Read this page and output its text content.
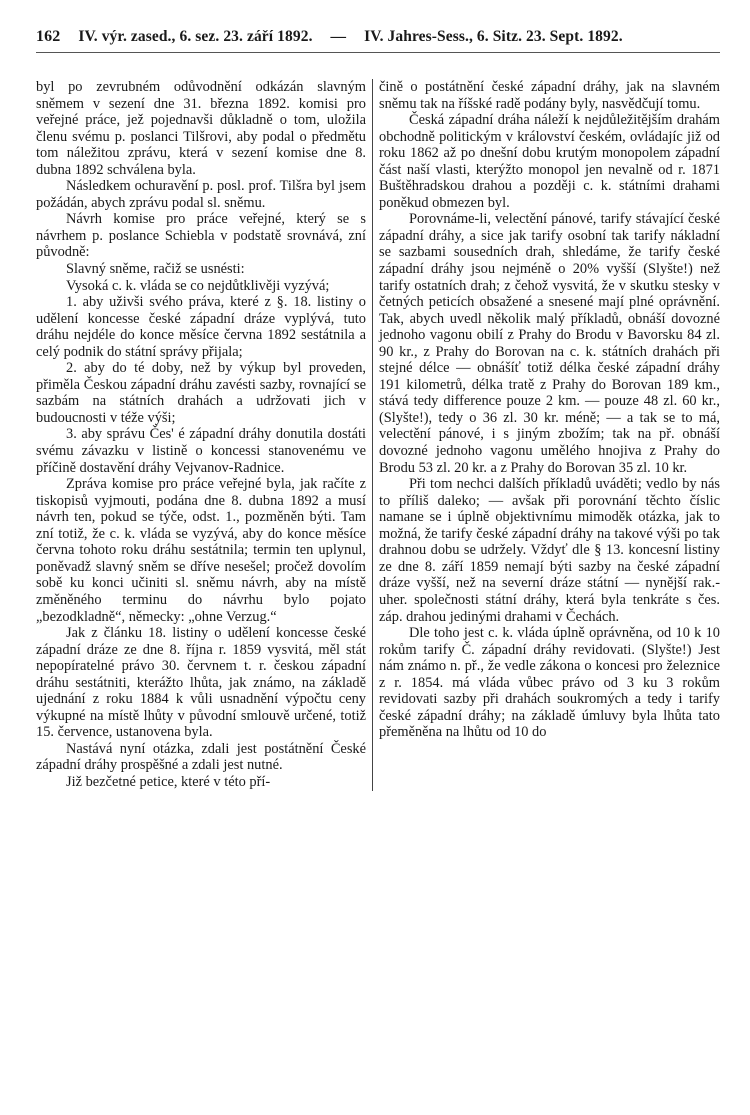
162 IV. výr. zased., 6. sez. 23. září 1892. — IV. Jahres-Sess., 6. Sitz. 23. Sept. 1892.

byl po zevrubném odůvodnění odkázán slavným sněmem v sezení dne 31. března 1892. komisi pro veřejné práce, jež pojednavši důkladně o tom, uložila členu svému p. poslanci Tilšrovi, aby podal o předmětu tom náležitou zprávu, která v sezení komise dne 8. dubna 1892 schválena byla.

Následkem ochuravění p. posl. prof. Tilšra byl jsem požádán, abych zprávu podal sl. sněmu.

Návrh komise pro práce veřejné, který se s návrhem p. poslance Schiebla v podstatě srovnává, zní původně:

Slavný sněme, račiž se usnésti:

Vysoká c. k. vláda se co nejdůtklivěji vyzývá;

1. aby uživši svého práva, které z §. 18. listiny o udělení koncesse české západní dráze vyplývá, tuto dráhu nejdéle do konce měsíce června 1892 sestátnila a celý podnik do státní správy přijala;

2. aby do té doby, než by výkup byl proveden, přiměla Českou západní dráhu zavésti sazby, rovnající se sazbám na státních drahách a udržovati jich v budoucnosti v téže výši;

3. aby správu Čes' é západní dráhy donutila dostáti svému závazku v listině o koncessi stanovenému ve příčině dostavění dráhy Vejvanov-Radnice.

Zpráva komise pro práce veřejné byla, jak račíte z tiskopisů vyjmouti, podána dne 8. dubna 1892 a musí návrh ten, pokud se týče, odst. 1., pozměněn býti. Tam zní totiž, že c. k. vláda se vyzývá, aby do konce měsíce června tohoto roku dráhu sestátnila; termin ten uplynul, poněvadž slavný sněm se dříve nesešel; pročež dovolím sobě ku konci učiniti sl. sněmu návrh, aby na místě změněného terminu do návrhu bylo pojato „bezodkladně“, německy: „ohne Verzug.“

Jak z článku 18. listiny o udělení koncesse české západní dráze ze dne 8. října r. 1859 vysvitá, měl stát nepopíratelné právo 30. červnem t. r. českou západní dráhu sestátniti, kterážto lhůta, jak známo, na základě ujednání z roku 1884 k vůli usnadnění výpočtu ceny výkupné na místě lhůty v původní smlouvě určené, totiž 15. července, ustanovena byla.

Nastává nyní otázka, zdali jest postátnění České západní dráhy prospěšné a zdali jest nutné.

Již bezčetné petice, které v této pří-

čině o postátnění české západní dráhy, jak na slavném sněmu tak na říšské radě podány byly, nasvědčují tomu.

Česká západní dráha náleží k nejdůležitějším drahám obchodně politickým v království českém, ovládajíc již od roku 1862 až po dnešní dobu krutým monopolem západní část naší vlasti, kterýžto monopol jen nevalně od r. 1871 Buštěhradskou drahou a později c. k. státními drahami poněkud obmezen byl.

Porovnáme-li, velectění pánové, tarify stávající české západní dráhy, a sice jak tarify osobní tak tarify nákladní se sazbami sousedních drah, shledáme, že tarify české západní dráhy jsou nejméně o 20% vyšší (Slyšte!) než tarify ostatních drah; z čehož vysvitá, že v skutku stesky v četných peticích obsažené a snesené mají plné oprávnění. Tak, abych uvedl několik malý příkladů, obnáší dovozné jednoho vagonu obilí z Prahy do Brodu v Bavorsku 84 zl. 90 kr., z Prahy do Borovan na c. k. státních drahách při stejné délce — obnášíť totiž délka české západní dráhy 191 kilometrů, délka tratě z Prahy do Borovan 189 km., stává tedy difference pouze 2 km. — pouze 48 zl. 60 kr., (Slyšte!), tedy o 36 zl. 30 kr. méně; — a tak se to má, velectění pánové, i s jiným zbožím; tak na př. obnáší dovozné jednoho vagonu umělého hnojiva z Prahy do Brodu 53 zl. 20 kr. a z Prahy do Borovan 35 zl. 10 kr.

Při tom nechci dalších příkladů uváděti; vedlo by nás to příliš daleko; — avšak při porovnání těchto číslic namane se i úplně objektivnímu mimoděk otázka, jak to možná, že tarify české západní dráhy na takové výši po tak drahnou dobu se udržely. Vždyť dle § 13. koncesní listiny ze dne 8. září 1859 nemají býti sazby na české západní dráze vyšší, než na severní dráze státní — nynější rak.-uher. společnosti státní dráhy, která byla tenkráte s čes. záp. drahou jedinými drahami v Čechách.

Dle toho jest c. k. vláda úplně oprávněna, od 10 k 10 rokům tarify Č. západní dráhy revidovati. (Slyšte!) Jest nám známo n. př., že vedle zákona o koncesi pro železnice z r. 1854. má vláda vůbec právo od 3 ku 3 rokům revidovati sazby při drahách soukromých a tedy i tarify české západní dráhy; na základě úmluvy byla lhůta tato přeměněna na lhůtu od 10 do
